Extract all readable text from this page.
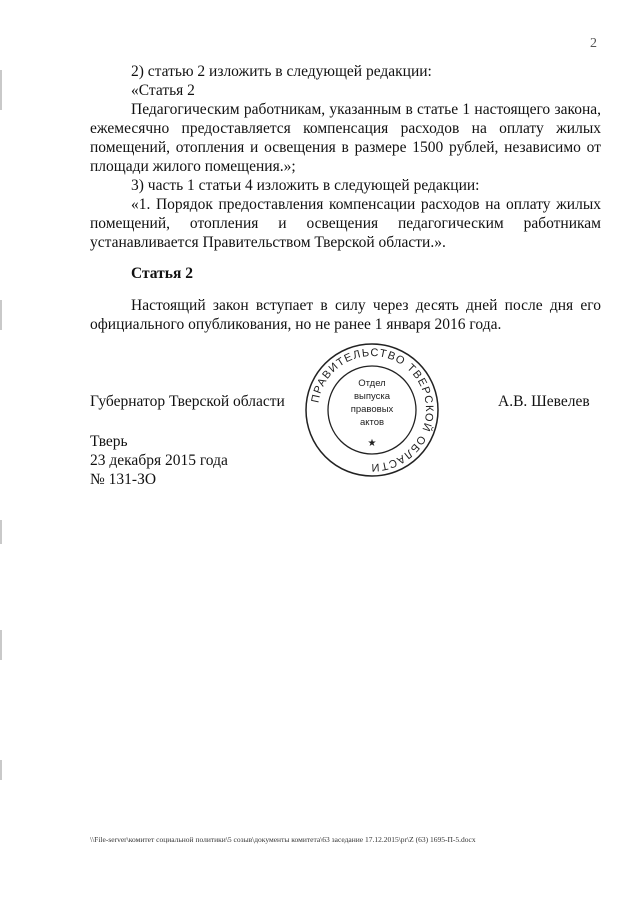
2
2) статью 2 изложить в следующей редакции:
«Статья 2
Педагогическим работникам, указанным в статье 1 настоящего закона,
ежемесячно предоставляется компенсация расходов на оплату жилых
помещений, отопления и освещения в размере 1500 рублей, независимо от
площади жилого помещения.»;
3) часть 1 статьи 4 изложить в следующей редакции:
«1. Порядок предоставления компенсации расходов на оплату жилых
помещений, отопления и освещения педагогическим работникам
устанавливается Правительством Тверской области.».
Статья 2
Настоящий закон вступает в силу через десять дней после дня его
официального опубликования, но не ранее 1 января 2016 года.
Губернатор Тверской области	А.В. Шевелев
ПРАВИТЕЛЬСТВО ТВЕРСКОЙ ОБЛАСТИ
Отдел
выпуска
правовых
актов
★
Тверь
23 декабря 2015 года
№ 131-ЗО
\\File-server\комитет социальной политики\5 созыв\документы комитета\63 заседание 17.12.2015\pr\Z (63) 1695-П-5.docx
